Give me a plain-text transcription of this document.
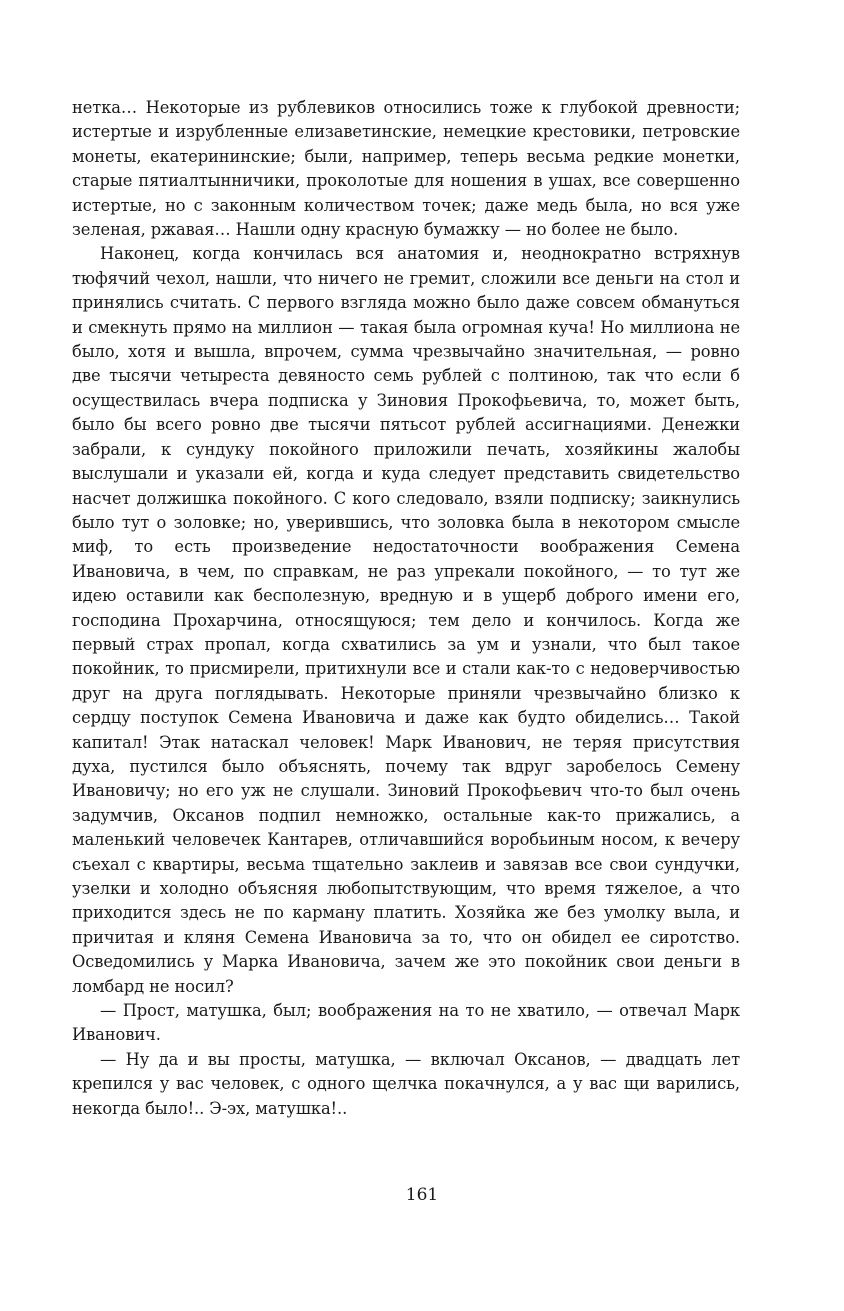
нетка… Некоторые из рублевиков относились тоже к глубокой древности; истертые и изрубленные елизаветинские, немецкие крестовики, петровские монеты, екатерининские; были, например, теперь весьма редкие монетки, старые пятиалтынничики, проколотые для ношения в ушах, все совершенно истертые, но с законным количеством точек; даже медь была, но вся уже зеленая, ржавая… Нашли одну красную бумажку — но более не было.

Наконец, когда кончилась вся анатомия и, неоднократно встряхнув тюфячий чехол, нашли, что ничего не гремит, сложили все деньги на стол и принялись считать. С первого взгляда можно было даже совсем обмануться и смекнуть прямо на миллион — такая была огромная куча! Но миллиона не было, хотя и вышла, впрочем, сумма чрезвычайно значительная, — ровно две тысячи четыреста девяносто семь рублей с полтиною, так что если б осуществилась вчера подписка у Зиновия Прокофьевича, то, может быть, было бы всего ровно две тысячи пятьсот рублей ассигнациями. Денежки забрали, к сундуку покойного приложили печать, хозяйкины жалобы выслушали и указали ей, когда и куда следует представить свидетельство насчет должишка покойного. С кого следовало, взяли подписку; заикнулись было тут о золовке; но, уверившись, что золовка была в некотором смысле миф, то есть произведение недостаточности воображения Семена Ивановича, в чем, по справкам, не раз упрекали покойного, — то тут же идею оставили как бесполезную, вредную и в ущерб доброго имени его, господина Прохарчина, относящуюся; тем дело и кончилось. Когда же первый страх пропал, когда схватились за ум и узнали, что был такое покойник, то присмирели, притихнули все и стали как-то с недоверчивостью друг на друга поглядывать. Некоторые приняли чрезвычайно близко к сердцу поступок Семена Ивановича и даже как будто обиделись… Такой капитал! Этак натаскал человек! Марк Иванович, не теряя присутствия духа, пустился было объяснять, почему так вдруг заробелось Семену Ивановичу; но его уж не слушали. Зиновий Прокофьевич что-то был очень задумчив, Оксанов подпил немножко, остальные как-то прижались, а маленький человечек Кантарев, отличавшийся воробьиным носом, к вечеру съехал с квартиры, весьма тщательно заклеив и завязав все свои сундучки, узелки и холодно объясняя любопытствующим, что время тяжелое, а что приходится здесь не по карману платить. Хозяйка же без умолку выла, и причитая и кляня Семена Ивановича за то, что он обидел ее сиротство. Осведомились у Марка Ивановича, зачем же это покойник свои деньги в ломбард не носил?

— Прост, матушка, был; воображения на то не хватило, — отвечал Марк Иванович.

— Ну да и вы просты, матушка, — включал Оксанов, — двадцать лет крепился у вас человек, с одного щелчка покачнулся, а у вас щи варились, некогда было!.. Э-эх, матушка!..

161
